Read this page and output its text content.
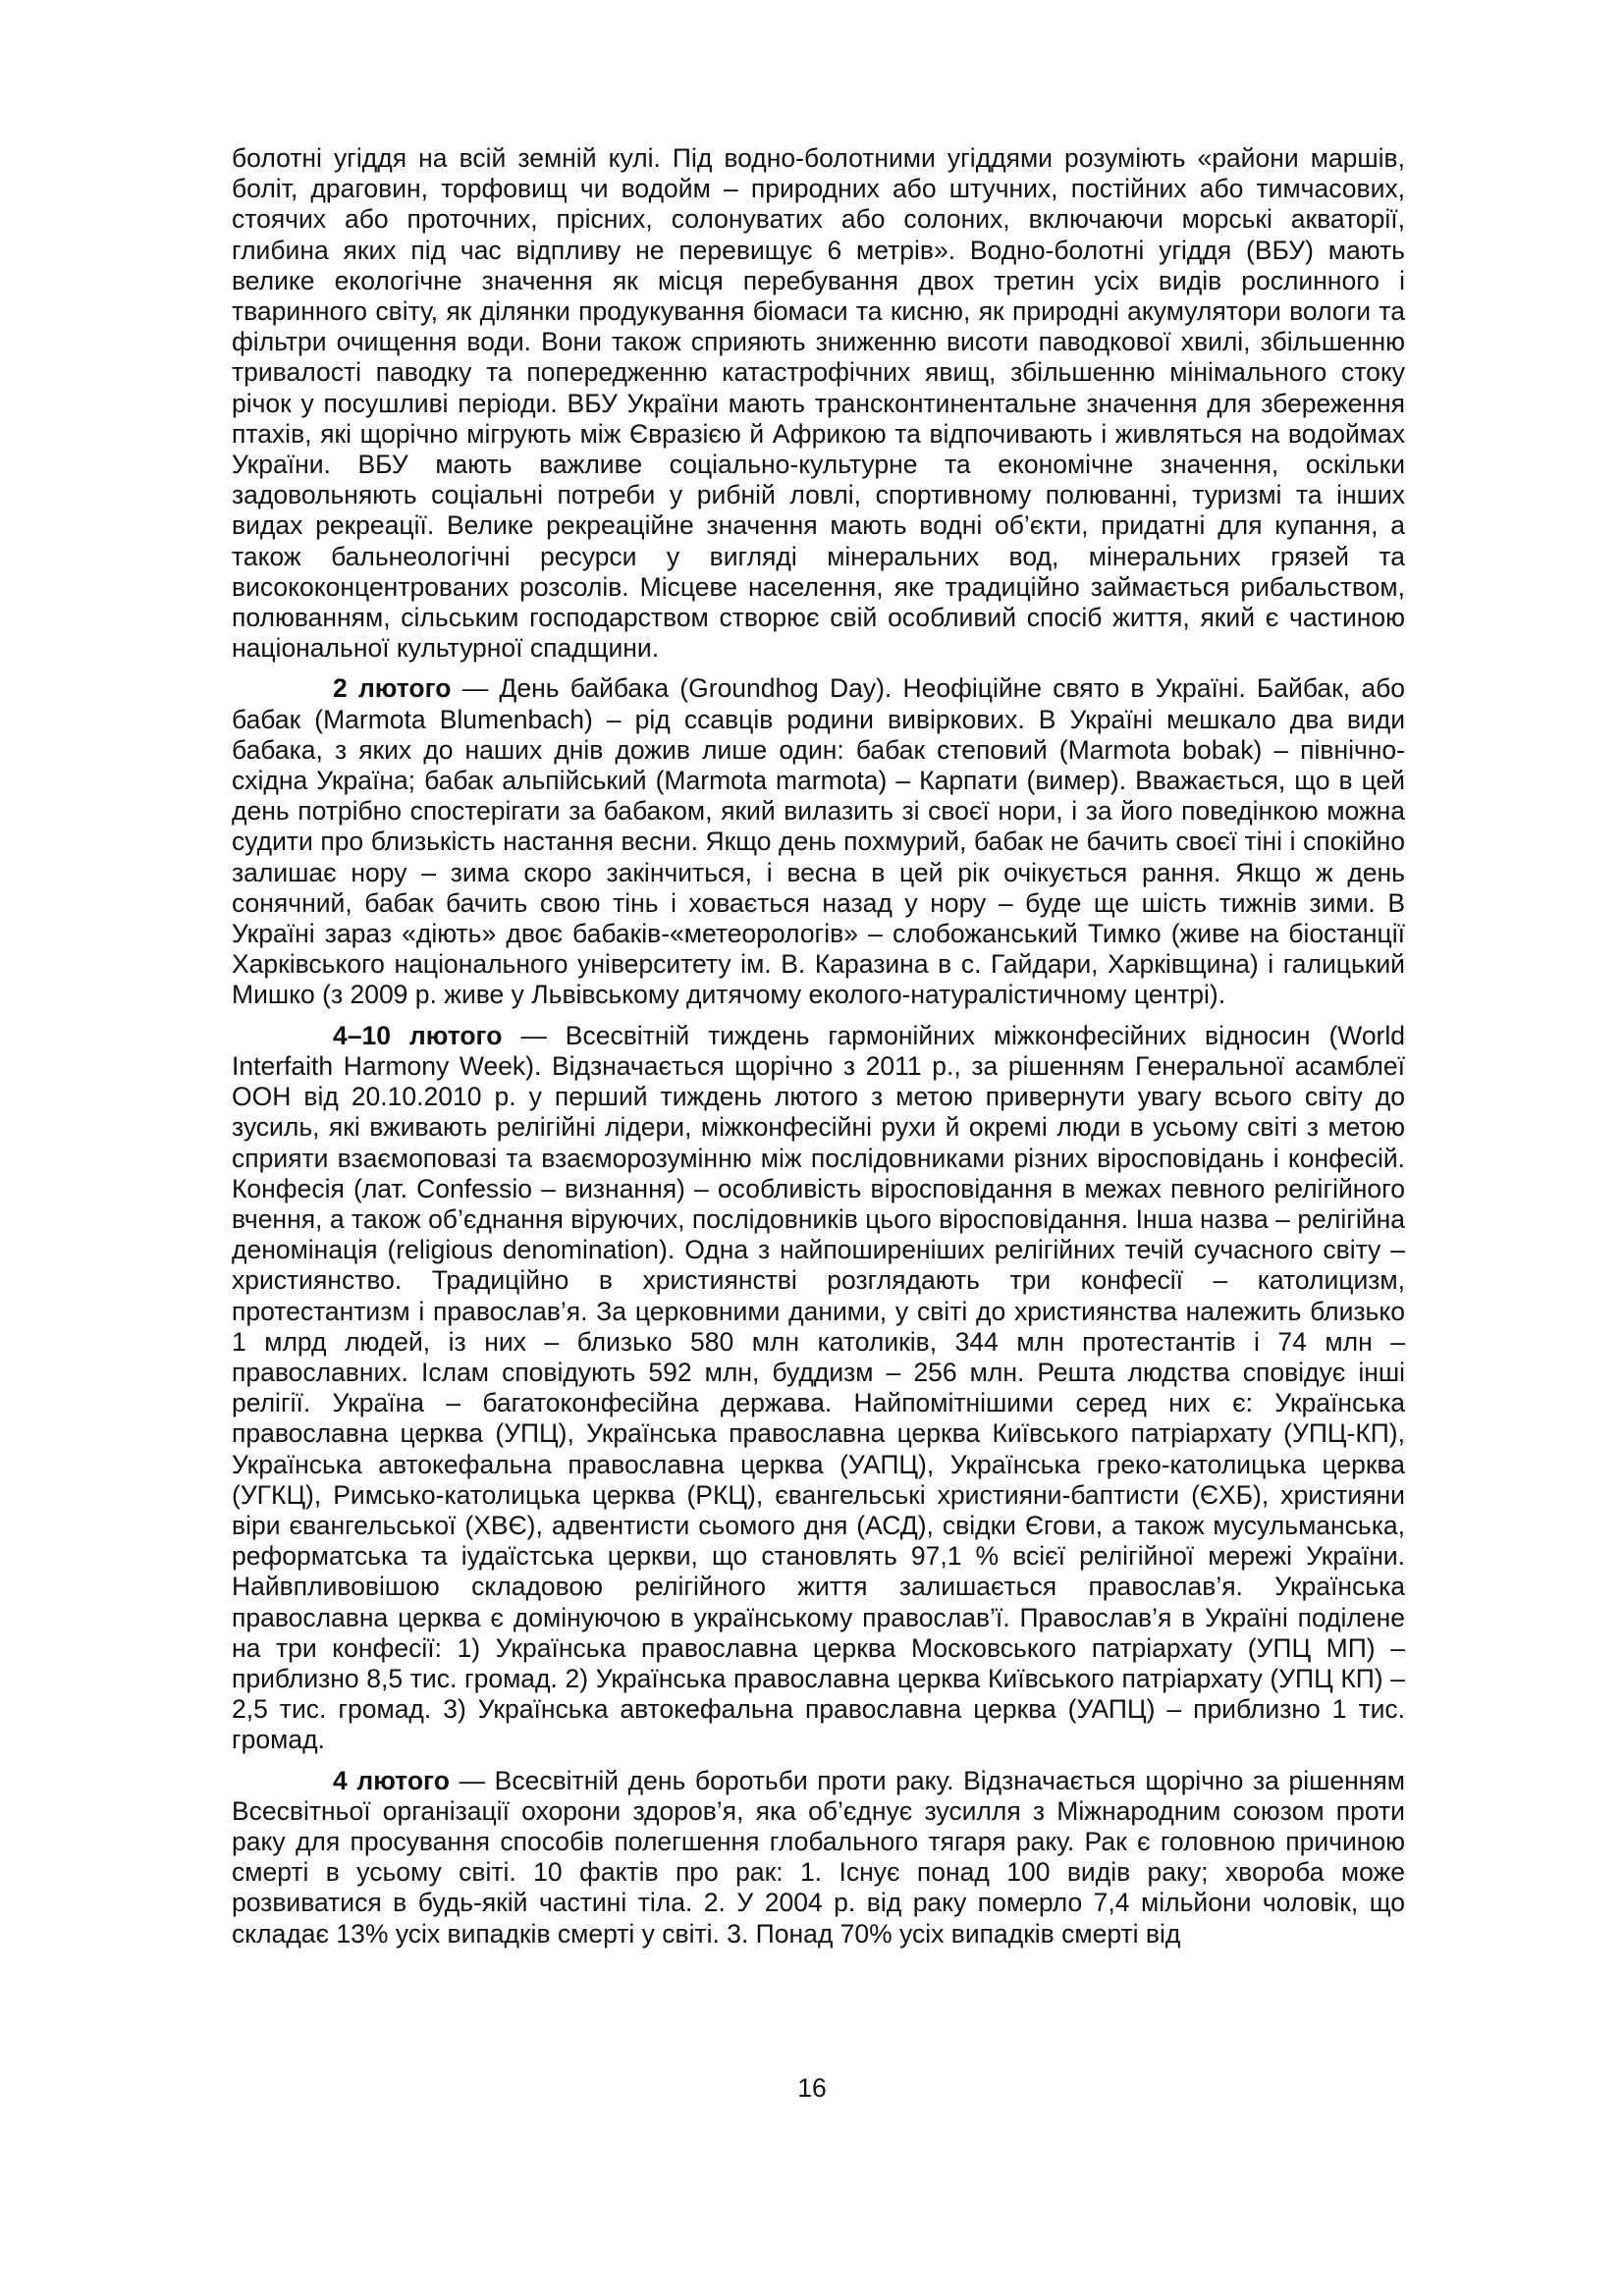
болотні угіддя на всій земній кулі. Під водно-болотними угіддями розуміють «райони маршів, боліт, драговин, торфовищ чи водойм – природних або штучних, постійних або тимчасових, стоячих або проточних, прісних, солонуватих або солоних, включаючи морські акваторії, глибина яких під час відпливу не перевищує 6 метрів». Водно-болотні угіддя (ВБУ) мають велике екологічне значення як місця перебування двох третин усіх видів рослинного і тваринного світу, як ділянки продукування біомаси та кисню, як природні акумулятори вологи та фільтри очищення води. Вони також сприяють зниженню висоти паводкової хвилі, збільшенню тривалості паводку та попередженню катастрофічних явищ, збільшенню мінімального стоку річок у посушливі періоди. ВБУ України мають трансконтинентальне значення для збереження птахів, які щорічно мігрують між Євразією й Африкою та відпочивають і живляться на водоймах України. ВБУ мають важливе соціально-культурне та економічне значення, оскільки задовольняють соціальні потреби у рибній ловлі, спортивному полюванні, туризмі та інших видах рекреації. Велике рекреаційне значення мають водні об’єкти, придатні для купання, а також бальнеологічні ресурси у вигляді мінеральних вод, мінеральних грязей та висококонцентрованих розсолів. Місцеве населення, яке традиційно займається рибальством, полюванням, сільським господарством створює свій особливий спосіб життя, який є частиною національної культурної спадщини.

2 лютого — День байбака (Groundhog Day). Неофіційне свято в Україні. Байбак, або бабак (Marmota Blumenbach) – рід ссавців родини вивіркових. В Україні мешкало два види бабака, з яких до наших днів дожив лише один: бабак степовий (Marmota bobak) – північно-східна Україна; бабак альпійський (Marmota marmota) – Карпати (вимер). Вважається, що в цей день потрібно спостерігати за бабаком, який вилазить зі своєї нори, і за його поведінкою можна судити про близькість настання весни. Якщо день похмурий, бабак не бачить своєї тіні і спокійно залишає нору – зима скоро закінчиться, і весна в цей рік очікується рання. Якщо ж день сонячний, бабак бачить свою тінь і ховається назад у нору – буде ще шість тижнів зими. В Україні зараз «діють» двоє бабаків-«метеорологів» – слобожанський Тимко (живе на біостанції Харківського національного університету ім. В. Каразина в с. Гайдари, Харківщина) і галицький Мишко (з 2009 р. живе у Львівському дитячому еколого-натуралістичному центрі).

4–10 лютого — Всесвітній тиждень гармонійних міжконфесійних відносин (World Interfaith Harmony Week). Відзначається щорічно з 2011 р., за рішенням Генеральної асамблеї ООН від 20.10.2010 р. у перший тиждень лютого з метою привернути увагу всього світу до зусиль, які вживають релігійні лідери, міжконфесійні рухи й окремі люди в усьому світі з метою сприяти взаємоповазі та взаєморозумінню між послідовниками різних віросповідань і конфесій. Конфесія (лат. Confessio – визнання) – особливість віросповідання в межах певного релігійного вчення, а також об’єднання віруючих, послідовників цього віросповідання. Інша назва – релігійна деномінація (religious denomination). Одна з найпоширеніших релігійних течій сучасного світу – християнство. Традиційно в християнстві розглядають три конфесії – католицизм, протестантизм і православ’я. За церковними даними, у світі до християнства належить близько 1 млрд людей, із них – близько 580 млн католиків, 344 млн протестантів і 74 млн – православних. Іслам сповідують 592 млн, буддизм – 256 млн. Решта людства сповідує інші релігії. Україна – багатоконфесійна держава. Найпомітнішими серед них є: Українська православна церква (УПЦ), Українська православна церква Київського патріархату (УПЦ-КП), Українська автокефальна православна церква (УАПЦ), Українська греко-католицька церква (УГКЦ), Римсько-католицька церква (РКЦ), євангельські християни-баптисти (ЄХБ), християни віри євангельської (ХВЄ), адвентисти сьомого дня (АСД), свідки Єгови, а також мусульманська, реформатська та іудаїстська церкви, що становлять 97,1 % всієї релігійної мережі України. Найвпливовішою складовою релігійного життя залишається православ’я. Українська православна церква є домінуючою в українському православ’ї. Православ’я в Україні поділене на три конфесії: 1) Українська православна церква Московського патріархату (УПЦ МП) – приблизно 8,5 тис. громад. 2) Українська православна церква Київського патріархату (УПЦ КП) – 2,5 тис. громад. 3) Українська автокефальна православна церква (УАПЦ) – приблизно 1 тис. громад.

4 лютого — Всесвітній день боротьби проти раку. Відзначається щорічно за рішенням Всесвітньої організації охорони здоров’я, яка об’єднує зусилля з Міжнародним союзом проти раку для просування способів полегшення глобального тягаря раку. Рак є головною причиною смерті в усьому світі. 10 фактів про рак: 1. Існує понад 100 видів раку; хвороба може розвиватися в будь-якій частині тіла. 2. У 2004 р. від раку померло 7,4 мільйони чоловік, що складає 13% усіх випадків смерті у світі. 3. Понад 70% усіх випадків смерті від

16
